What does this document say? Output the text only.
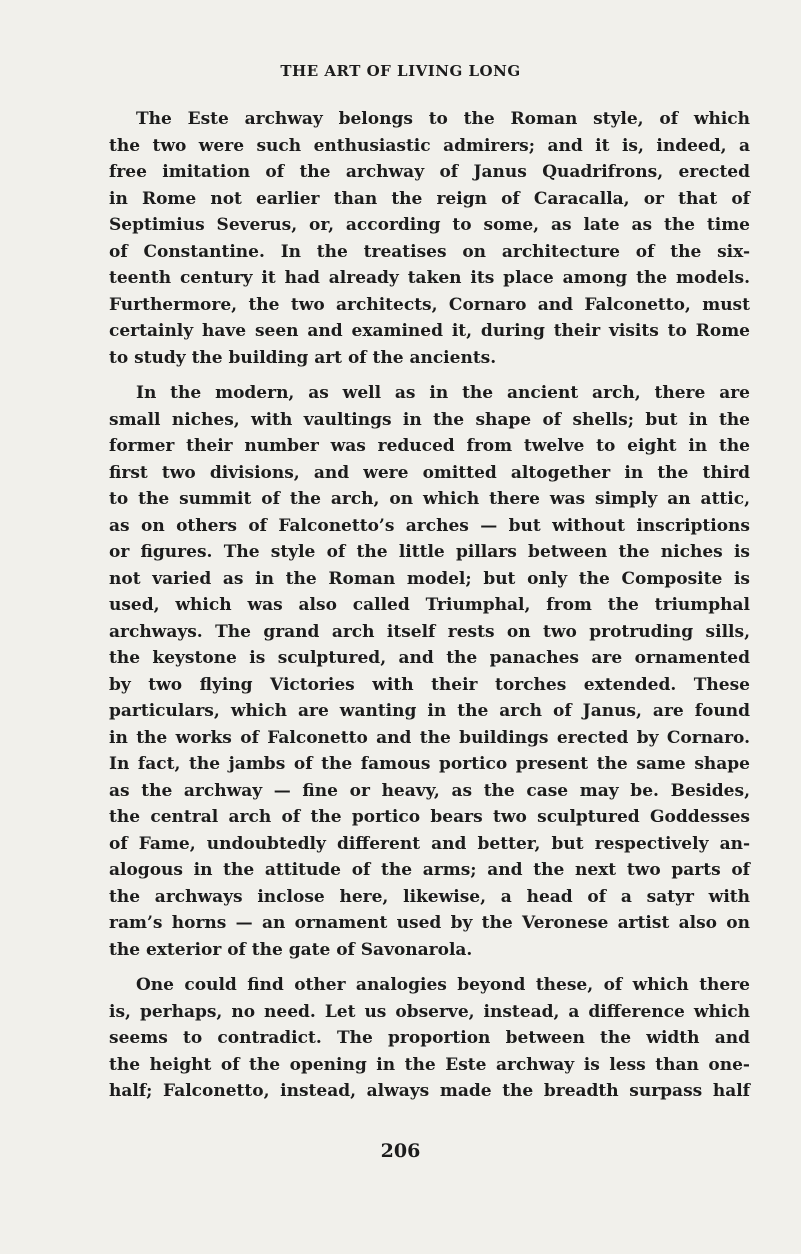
THE ART OF LIVING LONG
The Este archway belongs to the Roman style, of which
the two were such enthusiastic admirers; and it is, indeed, a
free imitation of the archway of Janus Quadrifrons, erected
in Rome not earlier than the reign of Caracalla, or that of
Septimius Severus, or, according to some, as late as the time
of Constantine. In the treatises on architecture of the six-
teenth century it had already taken its place among the models.
Furthermore, the two architects, Cornaro and Falconetto, must
certainly have seen and examined it, during their visits to Rome
to study the building art of the ancients.
In the modern, as well as in the ancient arch, there are
small niches, with vaultings in the shape of shells; but in the
former their number was reduced from twelve to eight in the
first two divisions, and were omitted altogether in the third
to the summit of the arch, on which there was simply an attic,
as on others of Falconetto’s arches — but without inscriptions
or figures. The style of the little pillars between the niches is
not varied as in the Roman model; but only the Composite is
used, which was also called Triumphal, from the triumphal
archways. The grand arch itself rests on two protruding sills,
the keystone is sculptured, and the panaches are ornamented
by two flying Victories with their torches extended. These
particulars, which are wanting in the arch of Janus, are found
in the works of Falconetto and the buildings erected by Cornaro.
In fact, the jambs of the famous portico present the same shape
as the archway — fine or heavy, as the case may be. Besides,
the central arch of the portico bears two sculptured Goddesses
of Fame, undoubtedly different and better, but respectively an-
alogous in the attitude of the arms; and the next two parts of
the archways inclose here, likewise, a head of a satyr with
ram’s horns — an ornament used by the Veronese artist also on
the exterior of the gate of Savonarola.
One could find other analogies beyond these, of which there
is, perhaps, no need. Let us observe, instead, a difference which
seems to contradict. The proportion between the width and
the height of the opening in the Este archway is less than one-
half; Falconetto, instead, always made the breadth surpass half
206
